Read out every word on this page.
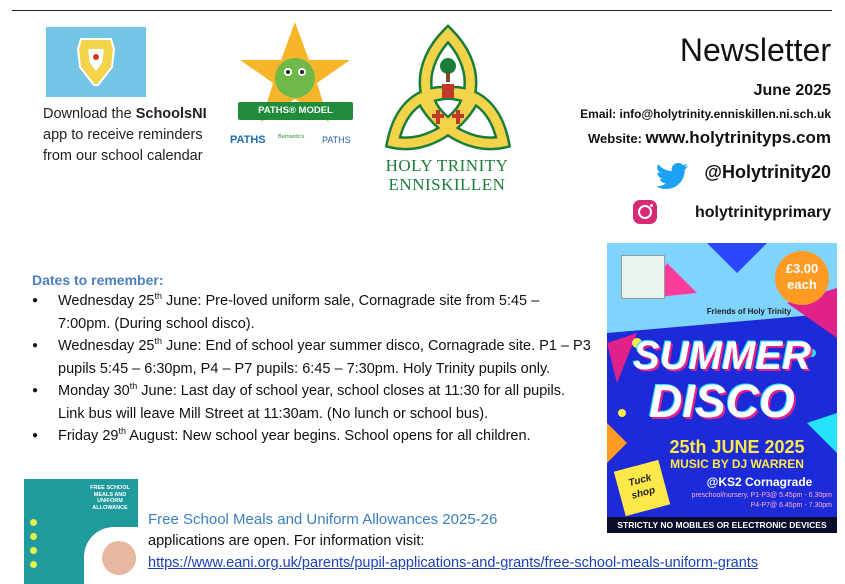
Download the SchoolsNI
app to receive reminders
from our school calendar
PATHS® MODEL SCHOOL
PATHS Barnardo's	PATHS
HOLY TRINITY
ENNISKILLEN
Newsletter
June 2025
Email: info@holytrinity.enniskillen.ni.sch.uk
Website: www.holytrinityps.com
@Holytrinity20
holytrinityprimary
Dates to remember:
● Wednesday 25th June: Pre-loved uniform sale, Cornagrade site from 5:45 – 7:00pm. (During school disco).
● Wednesday 25th June: End of school year summer disco, Cornagrade site. P1 – P3 pupils 5:45 – 6:30pm, P4 – P7 pupils: 6:45 – 7:30pm. Holy Trinity pupils only.
● Monday 30th June: Last day of school year, school closes at 11:30 for all pupils. Link bus will leave Mill Street at 11:30am. (No lunch or school bus).
● Friday 29th August: New school year begins. School opens for all children.
£3.00 each
Friends of Holy Trinity
SUMMER
DISCO
25th JUNE 2025
MUSIC BY DJ WARREN
@KS2 Cornagrade
preschool/nursery, P1-P3@ 5.45pm - 6.30pm
P4-P7@ 6.45pm - 7.30pm
Tuck shop
STRICTLY NO MOBILES OR ELECTRONIC DEVICES
FREE SCHOOL MEALS AND UNIFORM ALLOWANCE
Free School Meals and Uniform Allowances 2025-26
applications are open. For information visit:
https://www.eani.org.uk/parents/pupil-applications-and-grants/free-school-meals-uniform-grants
